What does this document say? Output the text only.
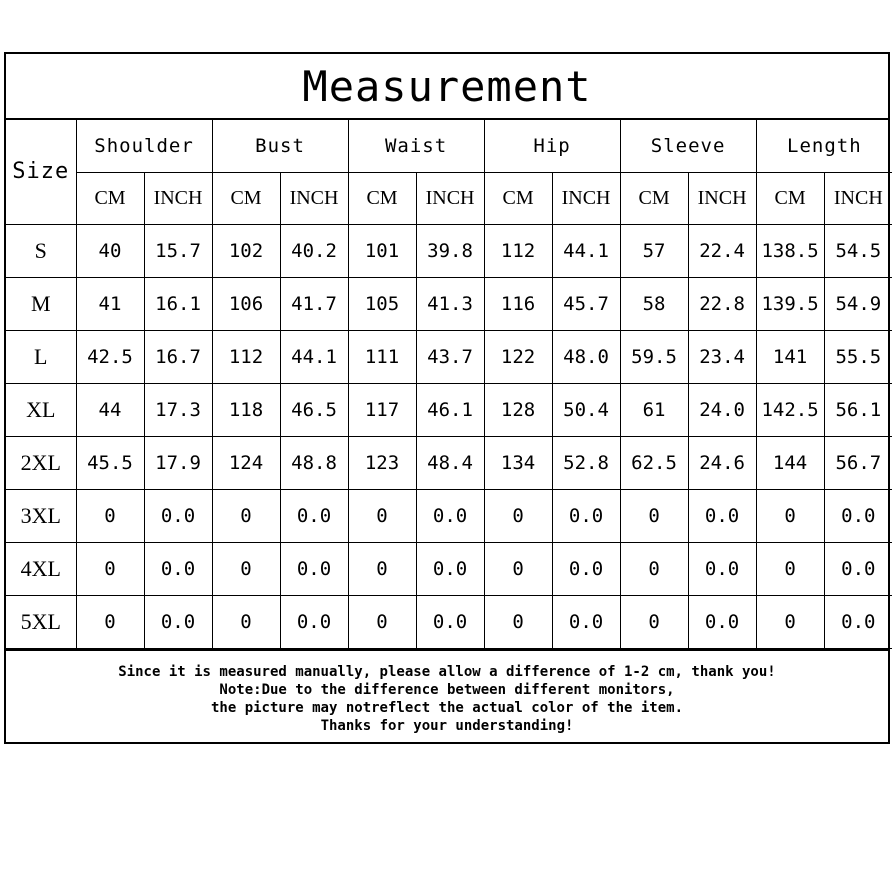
Measurement
Size	Shoulder		Bust		Waist		Hip		Sleeve		Length	
	CM	INCH	CM	INCH	CM	INCH	CM	INCH	CM	INCH	CM	INCH
S	40	15.7	102	40.2	101	39.8	112	44.1	57	22.4	138.5	54.5
M	41	16.1	106	41.7	105	41.3	116	45.7	58	22.8	139.5	54.9
L	42.5	16.7	112	44.1	111	43.7	122	48.0	59.5	23.4	141	55.5
XL	44	17.3	118	46.5	117	46.1	128	50.4	61	24.0	142.5	56.1
2XL	45.5	17.9	124	48.8	123	48.4	134	52.8	62.5	24.6	144	56.7
3XL	0	0.0	0	0.0	0	0.0	0	0.0	0	0.0	0	0.0
4XL	0	0.0	0	0.0	0	0.0	0	0.0	0	0.0	0	0.0
5XL	0	0.0	0	0.0	0	0.0	0	0.0	0	0.0	0	0.0
Since it is measured manually, please allow a difference of 1-2 cm, thank you!
Note:Due to the difference between different monitors,
the picture may notreflect the actual color of the item.
Thanks for your understanding!
